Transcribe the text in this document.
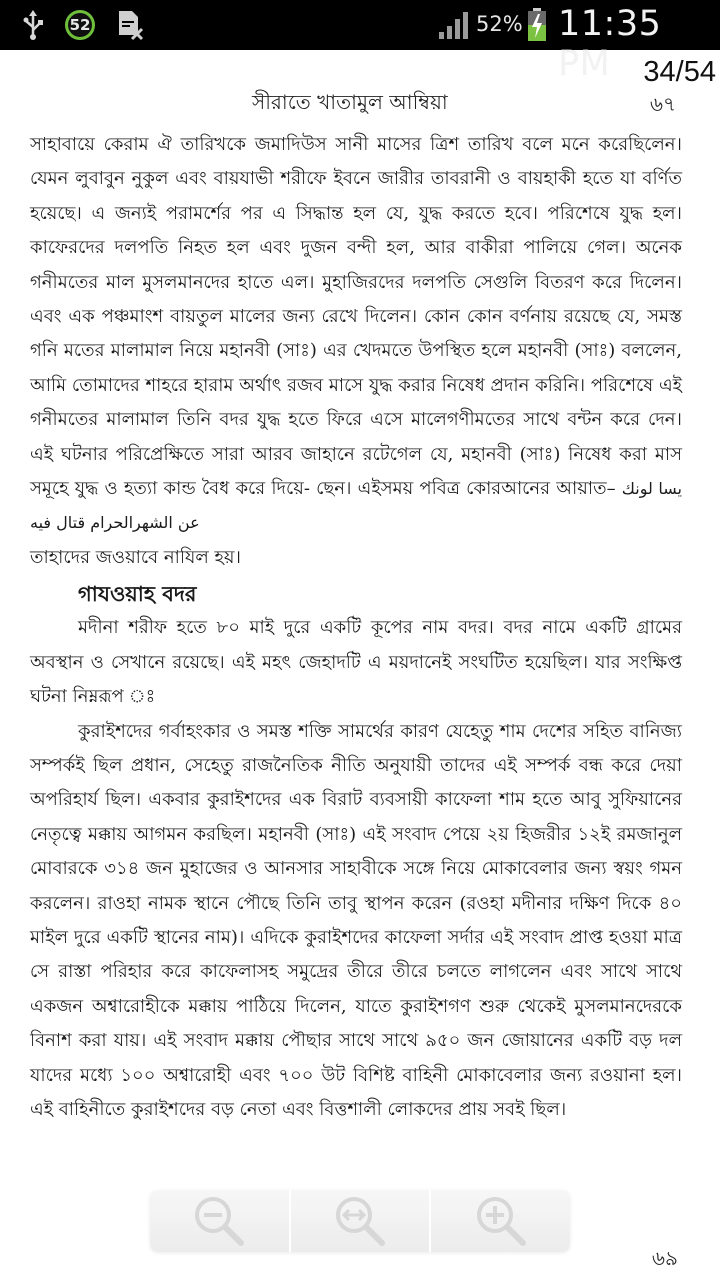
52	52% 11:35 PM	34/54
সীরাতে খাতামুল আম্বিয়া	৬৭

সাহাবায়ে কেরাম ঐ তারিখকে জমাদিউস সানী মাসের ত্রিশ তারিখ বলে মনে করেছিলেন। যেমন লুবাবুন নুকুল এবং বায়যাভী শরীফে ইবনে জারীর তাবরানী ও বায়হাকী হতে যা বর্ণিত হয়েছে। এ জন্যই পরামর্শের পর এ সিদ্ধান্ত হল যে, যুদ্ধ করতে হবে। পরিশেষে যুদ্ধ হল। কাফেরদের দলপতি নিহত হল এবং দুজন বন্দী হল, আর বাকীরা পালিয়ে গেল। অনেক গনীমতের মাল মুসলমানদের হাতে এল। মুহাজিরদের দলপতি সেগুলি বিতরণ করে দিলেন। এবং এক পঞ্চমাংশ বায়তুল মালের জন্য রেখে দিলেন। কোন কোন বর্ণনায় রয়েছে যে, সমস্ত গনি মতের মালামাল নিয়ে মহানবী (সাঃ) এর খেদমতে উপস্থিত হলে মহানবী (সাঃ) বললেন, আমি তোমাদের শাহরে হারাম অর্থাৎ রজব মাসে যুদ্ধ করার নিষেধ প্রদান করিনি। পরিশেষে এই গনীমতের মালামাল তিনি বদর যুদ্ধ হতে ফিরে এসে মালেগণীমতের সাথে বন্টন করে দেন। এই ঘটনার পরিপ্রেক্ষিতে সারা আরব জাহানে রটেগেল যে, মহানবী (সাঃ) নিষেধ করা মাস সমূহে যুদ্ধ ও হত্যা কান্ড বৈধ করে দিয়ে- ছেন। এইসময় পবিত্র কোরআনের আয়াত– يسا لونك عن الشهرالحرام قتال فيه

তাহাদের জওয়াবে নাযিল হয়।

গাযওয়াহ বদর

মদীনা শরীফ হতে ৮০ মাই দুরে একটি কূপের নাম বদর। বদর নামে একটি গ্রামের অবস্থান ও সেখানে রয়েছে। এই মহৎ জেহাদটি এ ময়দানেই সংঘটিত হয়েছিল। যার সংক্ষিপ্ত ঘটনা নিম্নরূপ ঃ

কুরাইশদের গর্বাহংকার ও সমস্ত শক্তি সামর্থের কারণ যেহেতু শাম দেশের সহিত বানিজ্য সম্পর্কই ছিল প্রধান, সেহেতু রাজনৈতিক নীতি অনুযায়ী তাদের এই সম্পর্ক বন্ধ করে দেয়া অপরিহার্য ছিল। একবার কুরাইশদের এক বিরাট ব্যবসায়ী কাফেলা শাম হতে আবু সুফিয়ানের নেতৃত্বে মক্কায় আগমন করছিল। মহানবী (সাঃ) এই সংবাদ পেয়ে ২য় হিজরীর ১২ই রমজানুল মোবারকে ৩১৪ জন মুহাজের ও আনসার সাহাবীকে সঙ্গে নিয়ে মোকাবেলার জন্য স্বয়ং গমন করলেন। রাওহা নামক স্থানে পৌছে তিনি তাবু স্থাপন করেন (রওহা মদীনার দক্ষিণ দিকে ৪০ মাইল দুরে একটি স্থানের নাম)। এদিকে কুরাইশদের কাফেলা সর্দার এই সংবাদ প্রাপ্ত হওয়া মাত্র সে রাস্তা পরিহার করে কাফেলাসহ সমুদ্রের তীরে তীরে চলতে লাগলেন এবং সাথে সাথে একজন অশ্বারোহীকে মক্কায় পাঠিয়ে দিলেন, যাতে কুরাইশগণ শুরু থেকেই মুসলমানদেরকে বিনাশ করা যায়। এই সংবাদ মক্কায় পৌছার সাথে সাথে ৯৫০ জন জোয়ানের একটি বড় দল যাদের মধ্যে ১০০ অশ্বারোহী এবং ৭০০ উট বিশিষ্ট বাহিনী মোকাবেলার জন্য রওয়ানা হল। এই বাহিনীতে কুরাইশদের বড় নেতা এবং বিত্তশালী লোকদের প্রায় সবই ছিল।

৬৯
